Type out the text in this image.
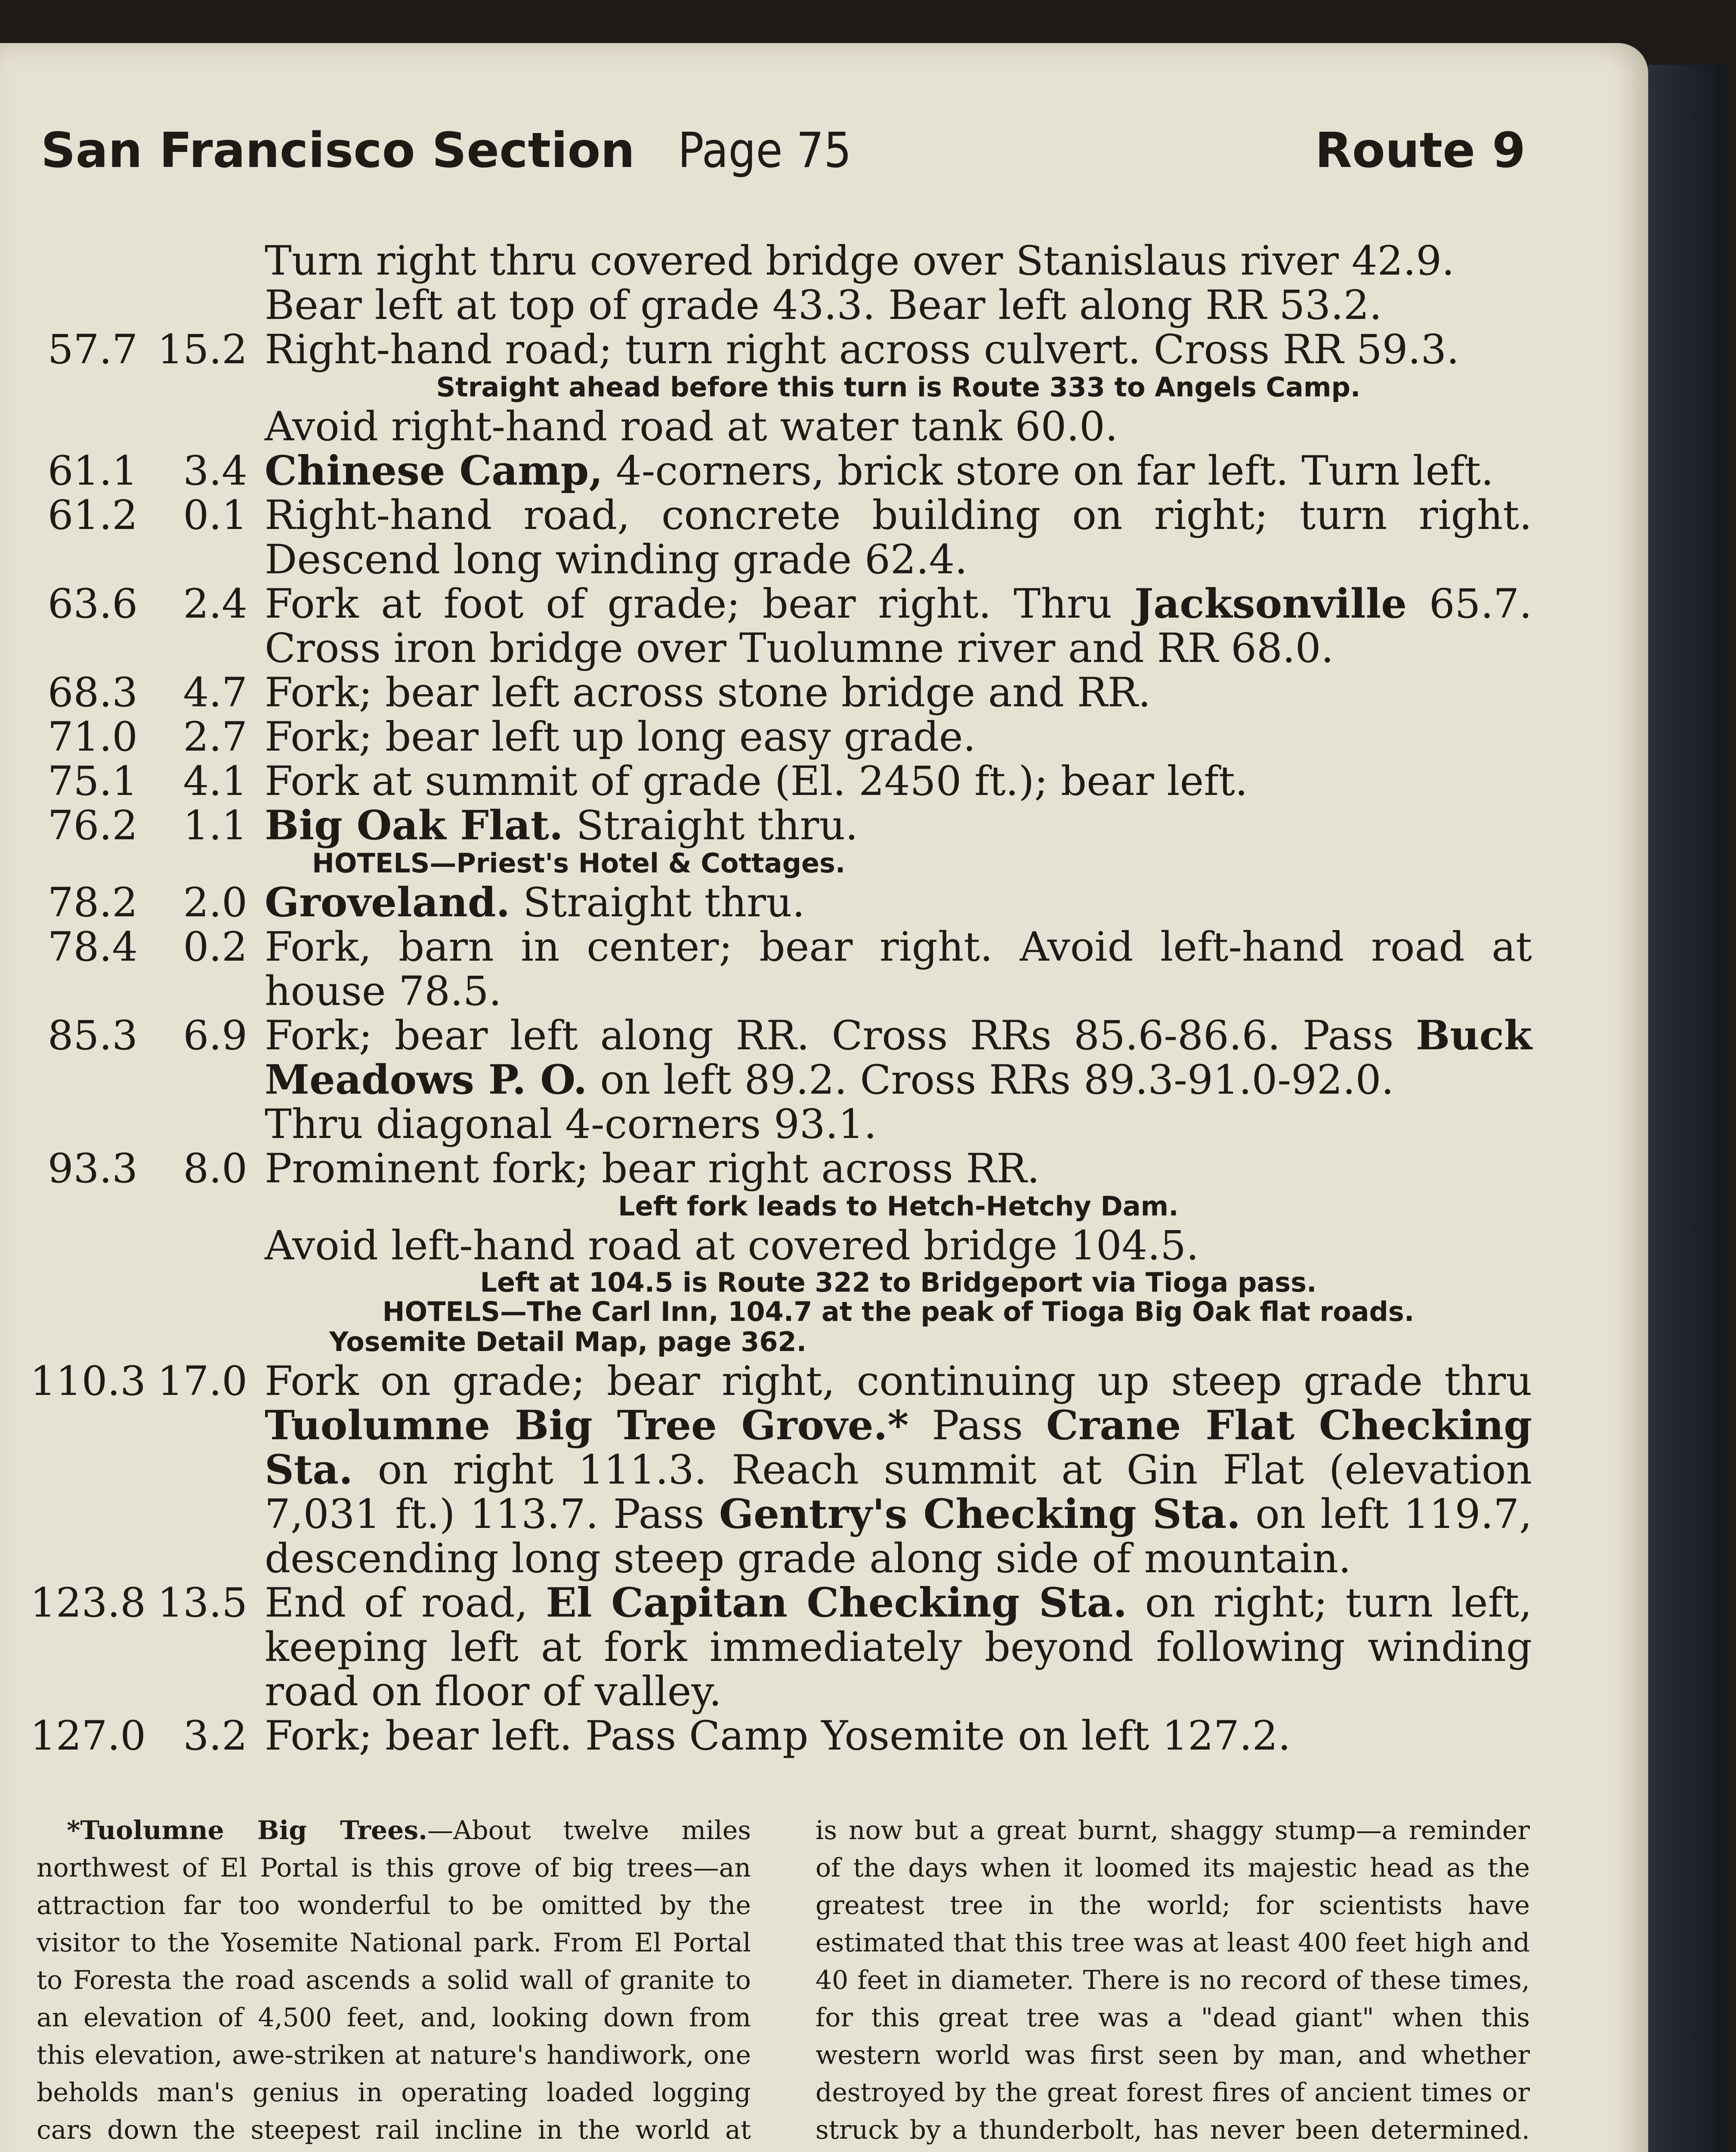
San Francisco Section Page 75	Route 9
Turn right thru covered bridge over Stanislaus river 42.9.
Bear left at top of grade 43.3. Bear left along RR 53.2.
57.7 15.2 Right-hand road; turn right across culvert. Cross RR 59.3.
Straight ahead before this turn is Route 333 to Angels Camp.
Avoid right-hand road at water tank 60.0.
61.1	3.4 Chinese Camp, 4-corners, brick store on far left. Turn left.
61.2	0.1 Right-hand road, concrete building on right; turn right. Descend long winding grade 62.4.
63.6	2.4 Fork at foot of grade; bear right. Thru Jacksonville 65.7. Cross iron bridge over Tuolumne river and RR 68.0.
68.3	4.7 Fork; bear left across stone bridge and RR.
71.0	2.7 Fork; bear left up long easy grade.
75.1	4.1 Fork at summit of grade (El. 2450 ft.); bear left.
76.2	1.1 Big Oak Flat. Straight thru.
HOTELS—Priest's Hotel & Cottages.
78.2	2.0 Groveland. Straight thru.
78.4	0.2 Fork, barn in center; bear right. Avoid left-hand road at house 78.5.
85.3	6.9 Fork; bear left along RR. Cross RRs 85.6-86.6. Pass Buck Meadows P. O. on left 89.2. Cross RRs 89.3-91.0-92.0.
Thru diagonal 4-corners 93.1.
93.3	8.0 Prominent fork; bear right across RR.
Left fork leads to Hetch-Hetchy Dam.
Avoid left-hand road at covered bridge 104.5.
Left at 104.5 is Route 322 to Bridgeport via Tioga pass.
HOTELS—The Carl Inn, 104.7 at the peak of Tioga Big Oak flat roads.
Yosemite Detail Map, page 362.
110.3 17.0 Fork on grade; bear right, continuing up steep grade thru Tuolumne Big Tree Grove.* Pass Crane Flat Checking Sta. on right 111.3. Reach summit at Gin Flat (elevation 7,031 ft.) 113.7. Pass Gentry's Checking Sta. on left 119.7, descending long steep grade along side of mountain.
123.8 13.5 End of road, El Capitan Checking Sta. on right; turn left, keeping left at fork immediately beyond following winding road on floor of valley.
127.0 3.2 Fork; bear left. Pass Camp Yosemite on left 127.2.

*Tuolumne Big Trees.—About twelve miles northwest of El Portal is this grove of big trees—an attraction far too wonderful to be omitted by the visitor to the Yosemite National park. From El Portal to Foresta the road ascends a solid wall of granite to an elevation of 4,500 feet, and, looking down from this elevation, awe-striken at nature's handiwork, one beholds man's genius in operating loaded logging cars down the steepest rail incline in the world at

is now but a great burnt, shaggy stump—a reminder of the days when it loomed its majestic head as the greatest tree in the world; for scientists have estimated that this tree was at least 400 feet high and 40 feet in diameter. There is no record of these times, for this great tree was a "dead giant" when this western world was first seen by man, and whether destroyed by the great forest fires of ancient times or struck by a thunderbolt, has never been determined.
